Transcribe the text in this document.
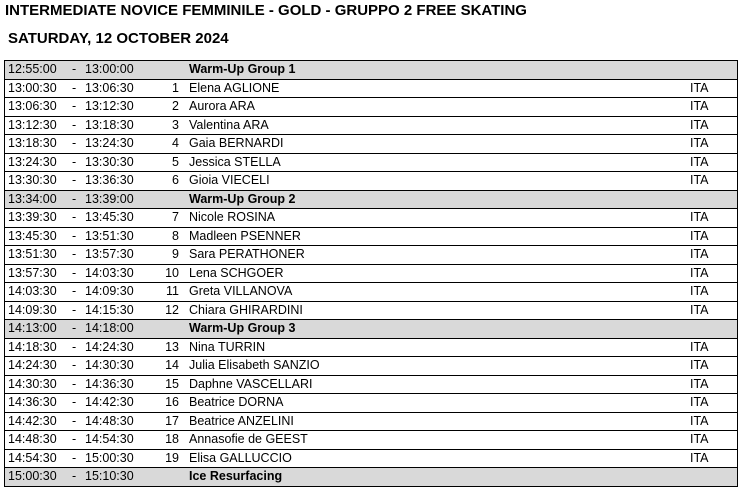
INTERMEDIATE NOVICE FEMMINILE - GOLD - GRUPPO 2 FREE SKATING
SATURDAY, 12 OCTOBER 2024
12:55:00 - 13:00:00	Warm-Up Group 1
13:00:30 - 13:06:30	1 Elena AGLIONE	ITA
13:06:30 - 13:12:30	2 Aurora ARA	ITA
13:12:30 - 13:18:30	3 Valentina ARA	ITA
13:18:30 - 13:24:30	4 Gaia BERNARDI	ITA
13:24:30 - 13:30:30	5 Jessica STELLA	ITA
13:30:30 - 13:36:30	6 Gioia VIECELI	ITA
13:34:00 - 13:39:00	Warm-Up Group 2
13:39:30 - 13:45:30	7 Nicole ROSINA	ITA
13:45:30 - 13:51:30	8 Madleen PSENNER	ITA
13:51:30 - 13:57:30	9 Sara PERATHONER	ITA
13:57:30 - 14:03:30	10 Lena SCHGOER	ITA
14:03:30 - 14:09:30	11 Greta VILLANOVA	ITA
14:09:30 - 14:15:30	12 Chiara GHIRARDINI	ITA
14:13:00 - 14:18:00	Warm-Up Group 3
14:18:30 - 14:24:30	13 Nina TURRIN	ITA
14:24:30 - 14:30:30	14 Julia Elisabeth SANZIO	ITA
14:30:30 - 14:36:30	15 Daphne VASCELLARI	ITA
14:36:30 - 14:42:30	16 Beatrice DORNA	ITA
14:42:30 - 14:48:30	17 Beatrice ANZELINI	ITA
14:48:30 - 14:54:30	18 Annasofie de GEEST	ITA
14:54:30 - 15:00:30	19 Elisa GALLUCCIO	ITA
15:00:30 - 15:10:30	Ice Resurfacing
